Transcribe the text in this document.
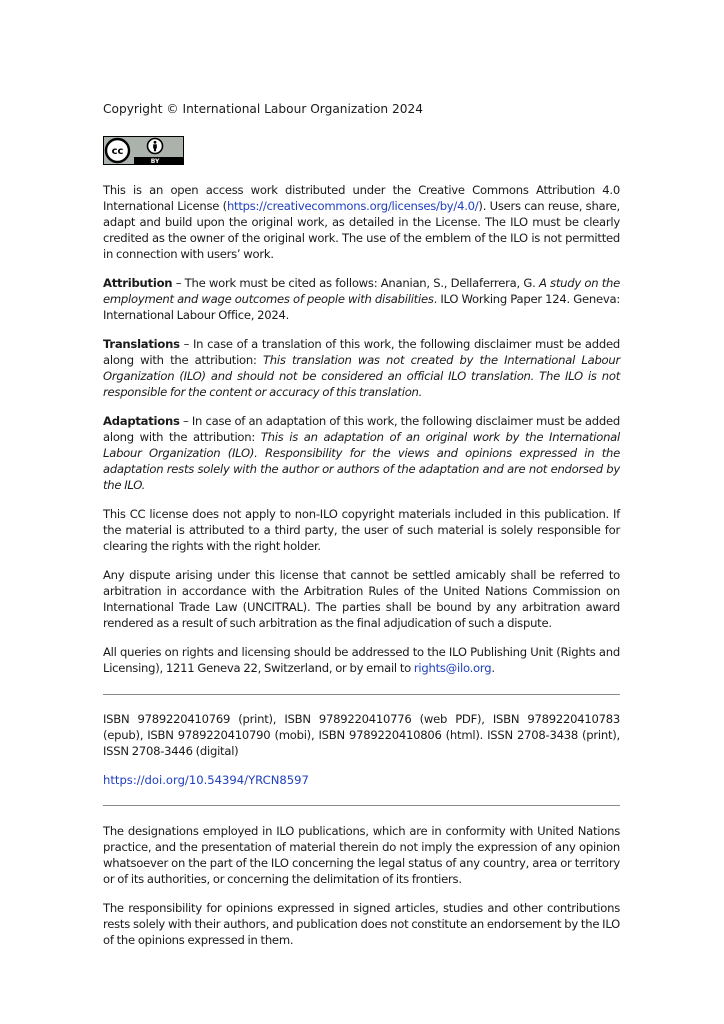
Copyright © International Labour Organization 2024

cc
BY

This is an open access work distributed under the Creative Commons Attribution 4.0 International License (https://creativecommons.org/licenses/by/4.0/). Users can reuse, share, adapt and build upon the original work, as detailed in the License. The ILO must be clearly credited as the owner of the original work. The use of the emblem of the ILO is not permitted in connection with users’ work.

Attribution – The work must be cited as follows: Ananian, S., Dellaferrera, G. A study on the employment and wage outcomes of people with disabilities. ILO Working Paper 124. Geneva: International Labour Office, 2024.

Translations – In case of a translation of this work, the following disclaimer must be added along with the attribution: This translation was not created by the International Labour Organization (ILO) and should not be considered an official ILO translation. The ILO is not responsible for the content or accuracy of this translation.

Adaptations – In case of an adaptation of this work, the following disclaimer must be added along with the attribution: This is an adaptation of an original work by the International Labour Organization (ILO). Responsibility for the views and opinions expressed in the adaptation rests solely with the author or authors of the adaptation and are not endorsed by the ILO.

This CC license does not apply to non-ILO copyright materials included in this publication. If the material is attributed to a third party, the user of such material is solely responsible for clearing the rights with the right holder.

Any dispute arising under this license that cannot be settled amicably shall be referred to arbitration in accordance with the Arbitration Rules of the United Nations Commission on International Trade Law (UNCITRAL). The parties shall be bound by any arbitration award rendered as a result of such arbitration as the final adjudication of such a dispute.

All queries on rights and licensing should be addressed to the ILO Publishing Unit (Rights and Licensing), 1211 Geneva 22, Switzerland, or by email to rights@ilo.org.

ISBN 9789220410769 (print), ISBN 9789220410776 (web PDF), ISBN 9789220410783 (epub), ISBN 9789220410790 (mobi), ISBN 9789220410806 (html). ISSN 2708-3438 (print), ISSN 2708-3446 (digital)

https://doi.org/10.54394/YRCN8597

The designations employed in ILO publications, which are in conformity with United Nations practice, and the presentation of material therein do not imply the expression of any opinion whatsoever on the part of the ILO concerning the legal status of any country, area or territory or of its authorities, or concerning the delimitation of its frontiers.

The responsibility for opinions expressed in signed articles, studies and other contributions rests solely with their authors, and publication does not constitute an endorsement by the ILO of the opinions expressed in them.
